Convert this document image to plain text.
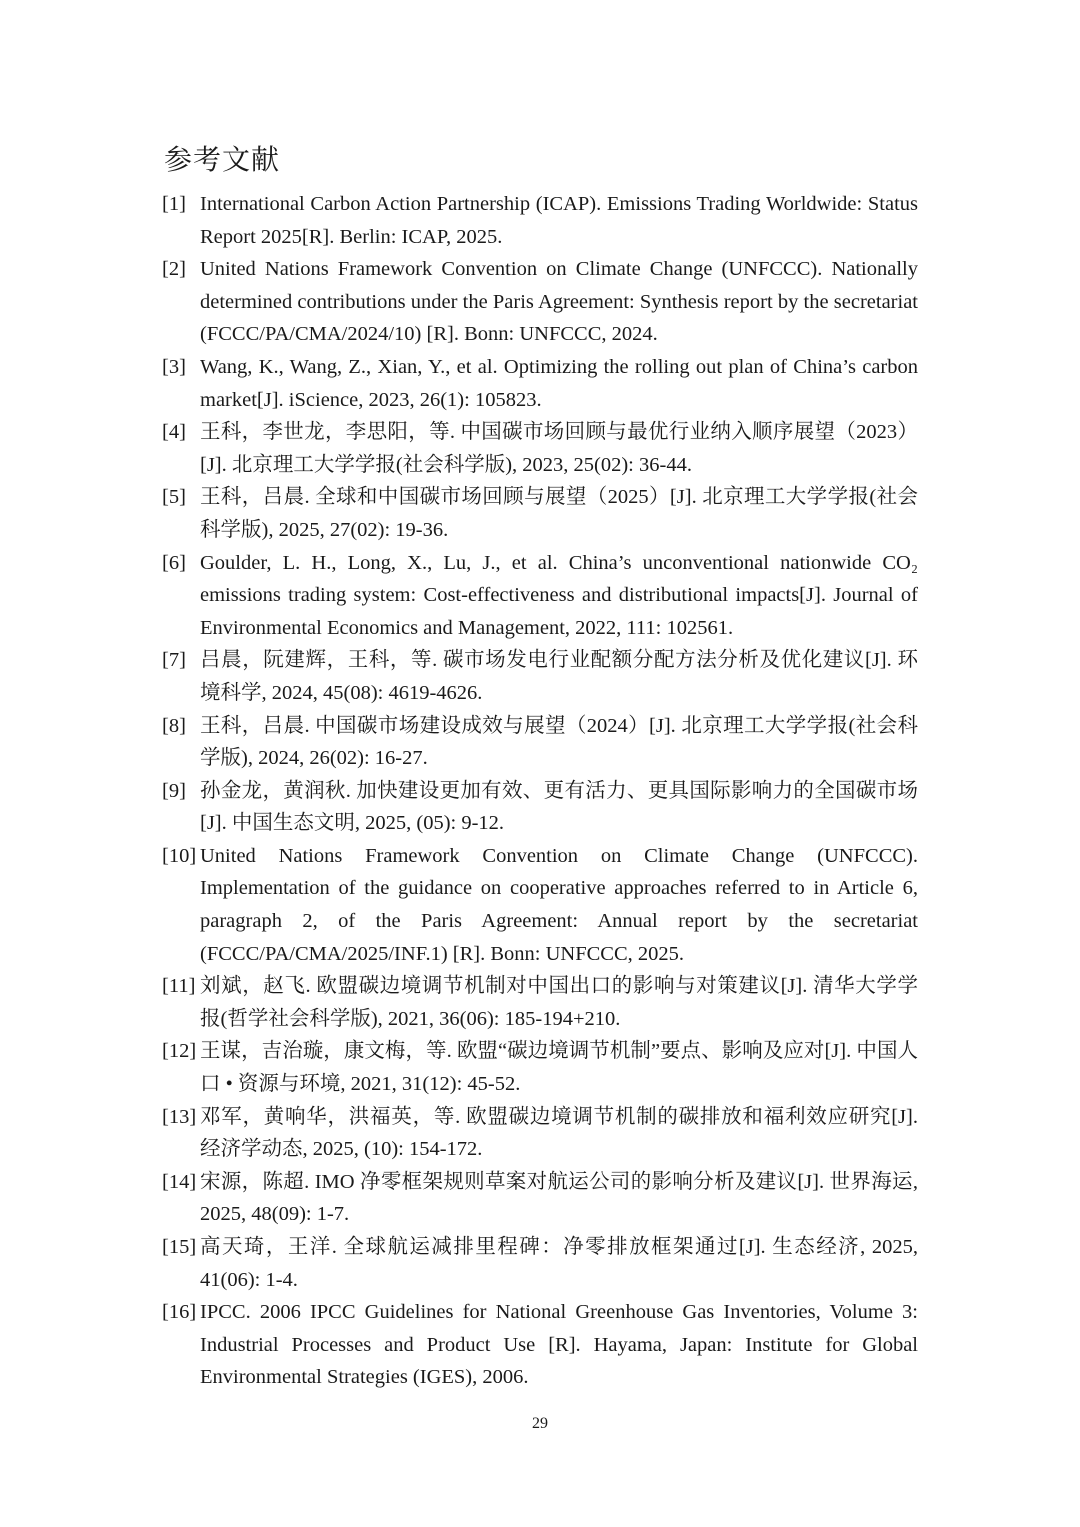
参考文献
[1] International Carbon Action Partnership (ICAP). Emissions Trading Worldwide: Status Report 2025[R]. Berlin: ICAP, 2025.
[2] United Nations Framework Convention on Climate Change (UNFCCC). Nationally determined contributions under the Paris Agreement: Synthesis report by the secretariat (FCCC/PA/CMA/2024/10) [R]. Bonn: UNFCCC, 2024.
[3] Wang, K., Wang, Z., Xian, Y., et al. Optimizing the rolling out plan of China’s carbon market[J]. iScience, 2023, 26(1): 105823.
[4] 王科，李世龙，李思阳，等. 中国碳市场回顾与最优行业纳入顺序展望（2023）[J]. 北京理工大学学报(社会科学版), 2023, 25(02): 36-44.
[5] 王科，吕晨. 全球和中国碳市场回顾与展望（2025）[J]. 北京理工大学学报(社会科学版), 2025, 27(02): 19-36.
[6] Goulder, L. H., Long, X., Lu, J., et al. China’s unconventional nationwide CO₂ emissions trading system: Cost-effectiveness and distributional impacts[J]. Journal of Environmental Economics and Management, 2022, 111: 102561.
[7] 吕晨，阮建辉，王科，等. 碳市场发电行业配额分配方法分析及优化建议[J]. 环境科学, 2024, 45(08): 4619-4626.
[8] 王科，吕晨. 中国碳市场建设成效与展望（2024）[J]. 北京理工大学学报(社会科学版), 2024, 26(02): 16-27.
[9] 孙金龙，黄润秋. 加快建设更加有效、更有活力、更具国际影响力的全国碳市场[J]. 中国生态文明, 2025, (05): 9-12.
[10] United Nations Framework Convention on Climate Change (UNFCCC). Implementation of the guidance on cooperative approaches referred to in Article 6, paragraph 2, of the Paris Agreement: Annual report by the secretariat (FCCC/PA/CMA/2025/INF.1) [R]. Bonn: UNFCCC, 2025.
[11] 刘斌，赵飞. 欧盟碳边境调节机制对中国出口的影响与对策建议[J]. 清华大学学报(哲学社会科学版), 2021, 36(06): 185-194+210.
[12] 王谋，吉治璇，康文梅，等. 欧盟“碳边境调节机制”要点、影响及应对[J]. 中国人口 • 资源与环境, 2021, 31(12): 45-52.
[13] 邓军，黄响华，洪福英，等. 欧盟碳边境调节机制的碳排放和福利效应研究[J]. 经济学动态, 2025, (10): 154-172.
[14] 宋源，陈超. IMO 净零框架规则草案对航运公司的影响分析及建议[J]. 世界海运, 2025, 48(09): 1-7.
[15] 高天琦，王洋. 全球航运减排里程碑：净零排放框架通过[J]. 生态经济, 2025, 41(06): 1-4.
[16] IPCC. 2006 IPCC Guidelines for National Greenhouse Gas Inventories, Volume 3: Industrial Processes and Product Use [R]. Hayama, Japan: Institute for Global Environmental Strategies (IGES), 2006.
29
